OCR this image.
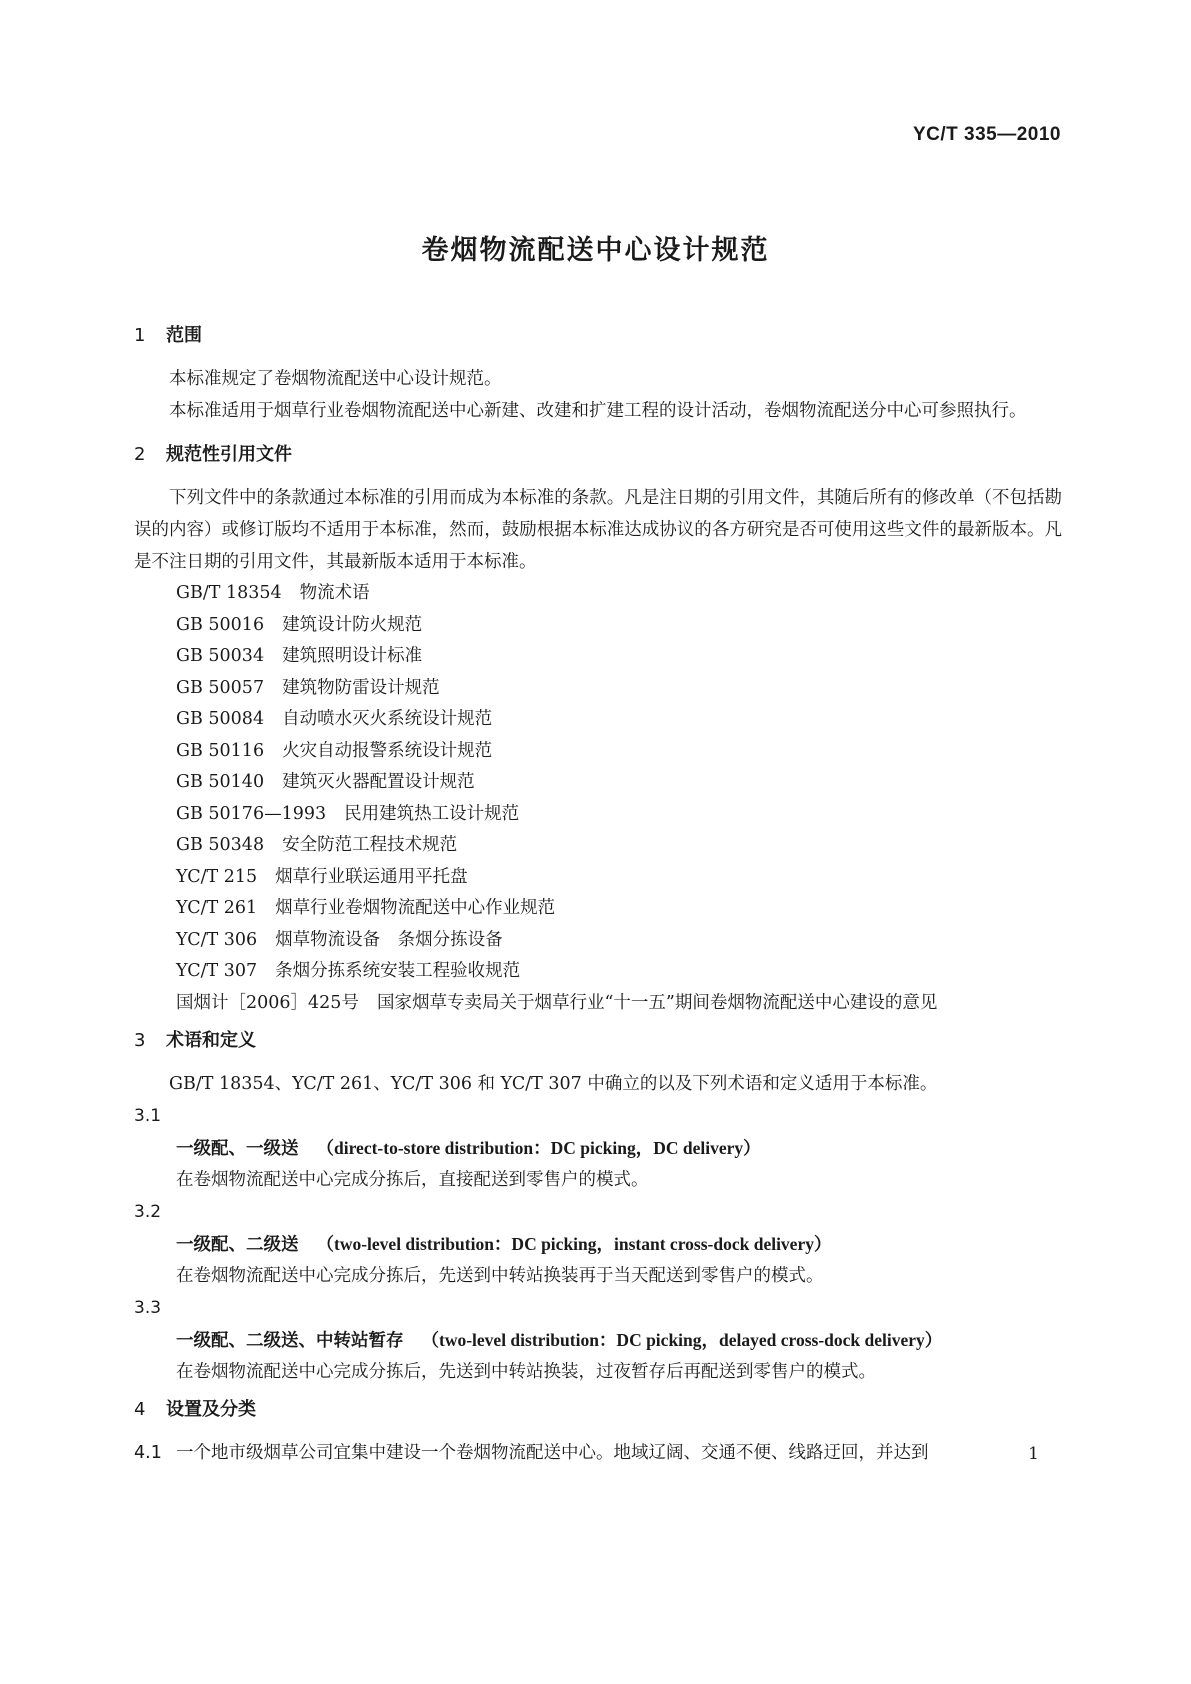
YC/T 335—2010
卷烟物流配送中心设计规范
1 范围

本标准规定了卷烟物流配送中心设计规范。

本标准适用于烟草行业卷烟物流配送中心新建、改建和扩建工程的设计活动，卷烟物流配送分中心可参照执行。

2 规范性引用文件

下列文件中的条款通过本标准的引用而成为本标准的条款。凡是注日期的引用文件，其随后所有的修改单（不包括勘误的内容）或修订版均不适用于本标准，然而，鼓励根据本标准达成协议的各方研究是否可使用这些文件的最新版本。凡是不注日期的引用文件，其最新版本适用于本标准。

GB/T 18354 物流术语
GB 50016 建筑设计防火规范
GB 50034 建筑照明设计标准
GB 50057 建筑物防雷设计规范
GB 50084 自动喷水灭火系统设计规范
GB 50116 火灾自动报警系统设计规范
GB 50140 建筑灭火器配置设计规范
GB 50176—1993 民用建筑热工设计规范
GB 50348 安全防范工程技术规范
YC/T 215 烟草行业联运通用平托盘
YC/T 261 烟草行业卷烟物流配送中心作业规范
YC/T 306 烟草物流设备　条烟分拣设备
YC/T 307 条烟分拣系统安装工程验收规范
国烟计［2006］425号 国家烟草专卖局关于烟草行业“十一五”期间卷烟物流配送中心建设的意见
3 术语和定义

GB/T 18354、YC/T 261、YC/T 306 和 YC/T 307 中确立的以及下列术语和定义适用于本标准。

3.1

一级配、一级送 （direct-to-store distribution：DC picking，DC delivery）

在卷烟物流配送中心完成分拣后，直接配送到零售户的模式。

3.2

一级配、二级送 （two-level distribution：DC picking，instant cross-dock delivery）

在卷烟物流配送中心完成分拣后，先送到中转站换装再于当天配送到零售户的模式。

3.3

一级配、二级送、中转站暂存 （two-level distribution：DC picking，delayed cross-dock delivery）

在卷烟物流配送中心完成分拣后，先送到中转站换装，过夜暂存后再配送到零售户的模式。

4 设置及分类

4.1 一个地市级烟草公司宜集中建设一个卷烟物流配送中心。地域辽阔、交通不便、线路迂回，并达到	1
